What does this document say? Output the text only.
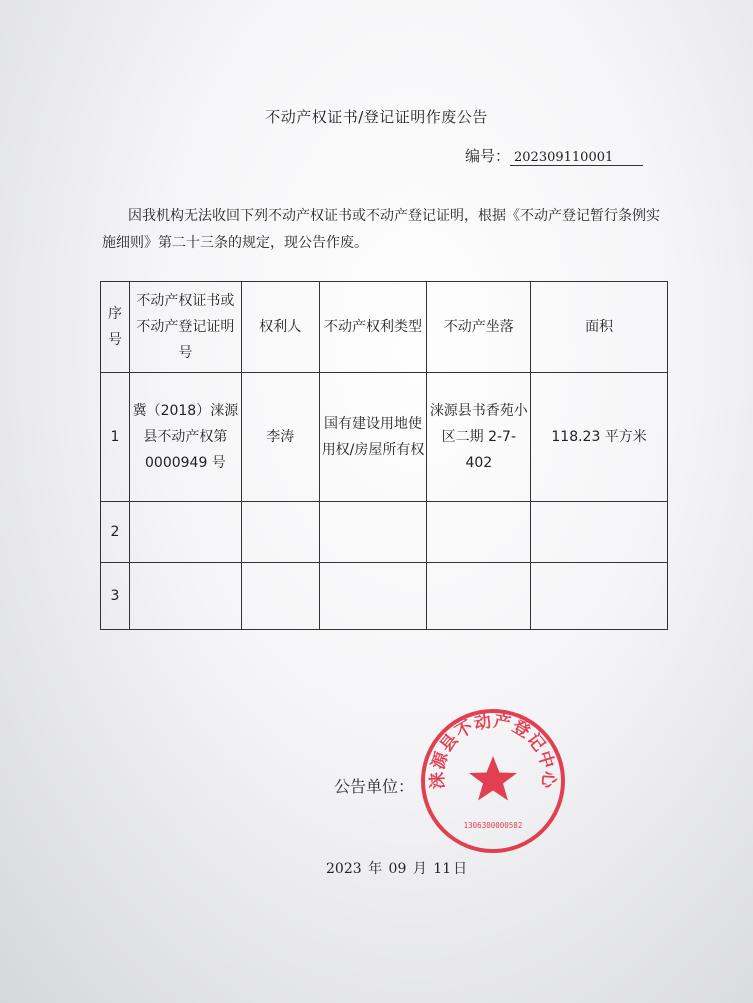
不动产权证书/登记证明作废公告
编号： 202309110001
因我机构无法收回下列不动产权证书或不动产登记证明，根据《不动产登记暂行条例实施细则》第二十三条的规定，现公告作废。
序号	不动产权证书或不动产登记证明号	权利人	不动产权利类型	不动产坐落	面积
1	冀（2018）涞源县不动产权第 0000949 号	李涛	国有建设用地使用权/房屋所有权	涞源县书香苑小区二期 2-7-402	118.23 平方米
2					
3					
公告单位： 涞源县不动产登记中心
1306300000582
2023 年 09 月 11 日
